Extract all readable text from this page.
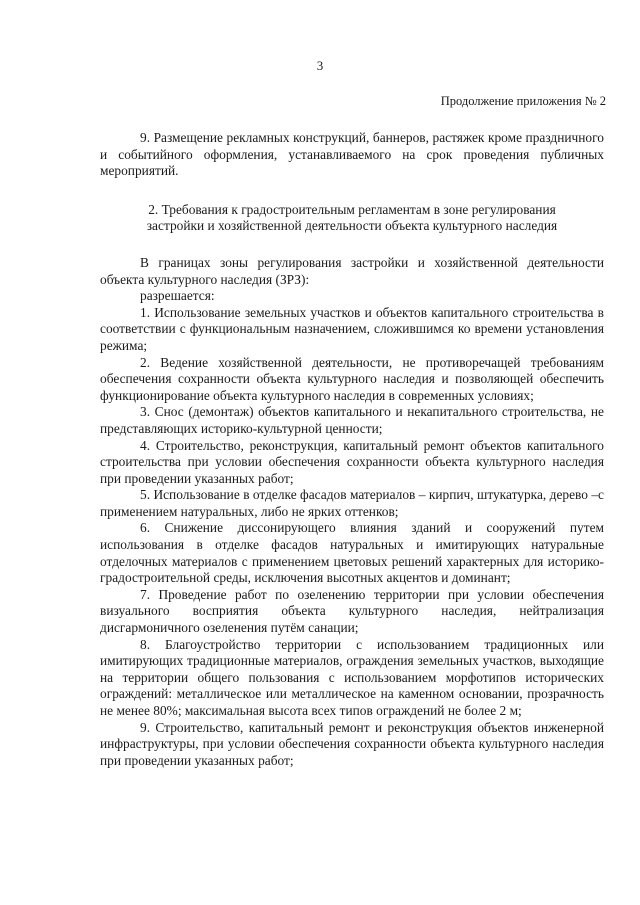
3
Продолжение приложения № 2

9. Размещение рекламных конструкций, баннеров, растяжек кроме праздничного и событийного оформления, устанавливаемого на срок проведения публичных мероприятий.

2. Требования к градостроительным регламентам в зоне регулирования
застройки и хозяйственной деятельности объекта культурного наследия

В границах зоны регулирования застройки и хозяйственной деятельности объекта культурного наследия (ЗРЗ):

разрешается:

1. Использование земельных участков и объектов капитального строительства в соответствии с функциональным назначением, сложившимся ко времени установления режима;

2. Ведение хозяйственной деятельности, не противоречащей требованиям обеспечения сохранности объекта культурного наследия и позволяющей обеспечить функционирование объекта культурного наследия в современных условиях;

3. Снос (демонтаж) объектов капитального и некапитального строительства, не представляющих историко-культурной ценности;

4. Строительство, реконструкция, капитальный ремонт объектов капитального строительства при условии обеспечения сохранности объекта культурного наследия при проведении указанных работ;

5. Использование в отделке фасадов материалов – кирпич, штукатурка, дерево –с применением натуральных, либо не ярких оттенков;

6. Снижение диссонирующего влияния зданий и сооружений путем использования в отделке фасадов натуральных и имитирующих натуральные отделочных материалов с применением цветовых решений характерных для историко-градостроительной среды, исключения высотных акцентов и доминант;

7. Проведение работ по озеленению территории при условии обеспечения визуального восприятия объекта культурного наследия, нейтрализация дисгармоничного озеленения путём санации;

8. Благоустройство территории с использованием традиционных или имитирующих традиционные материалов, ограждения земельных участков, выходящие на территории общего пользования с использованием морфотипов исторических ограждений: металлическое или металлическое на каменном основании, прозрачность не менее 80%; максимальная высота всех типов ограждений не более 2 м;

9. Строительство, капитальный ремонт и реконструкция объектов инженерной инфраструктуры, при условии обеспечения сохранности объекта культурного наследия при проведении указанных работ;
